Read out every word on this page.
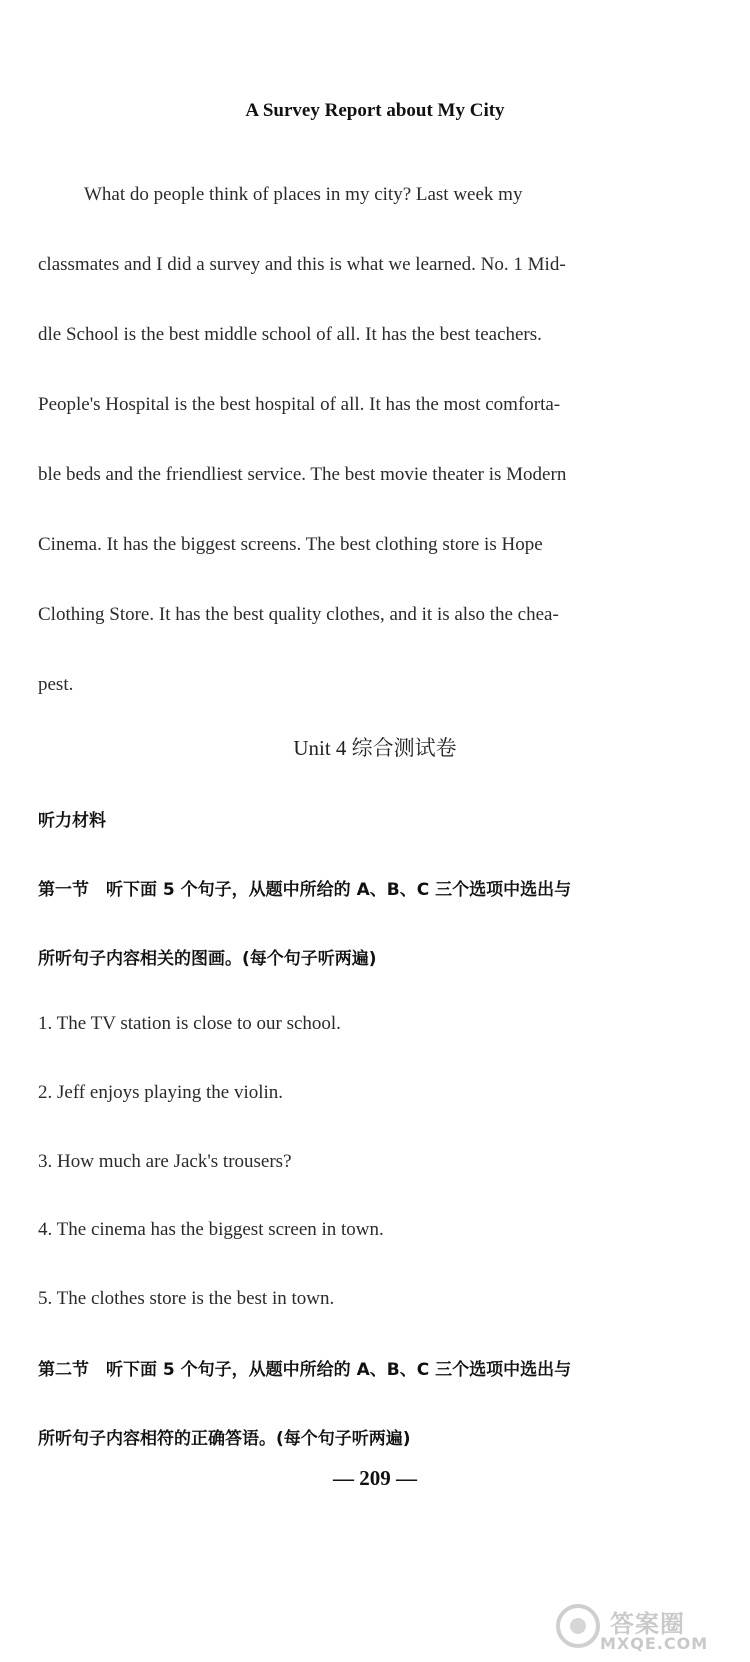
A Survey Report about My City
What do people think of places in my city? Last week my
classmates and I did a survey and this is what we learned. No. 1 Mid-
dle School is the best middle school of all. It has the best teachers.
People's Hospital is the best hospital of all. It has the most comforta-
ble beds and the friendliest service. The best movie theater is Modern
Cinema. It has the biggest screens. The best clothing store is Hope
Clothing Store. It has the best quality clothes, and it is also the chea-
pest.
Unit 4 综合测试卷
听力材料
第一节　听下面 5 个句子，从题中所给的 A、B、C 三个选项中选出与
所听句子内容相关的图画。(每个句子听两遍)
1. The TV station is close to our school.
2. Jeff enjoys playing the violin.
3. How much are Jack's trousers?
4. The cinema has the biggest screen in town.
5. The clothes store is the best in town.
第二节　听下面 5 个句子，从题中所给的 A、B、C 三个选项中选出与
所听句子内容相符的正确答语。(每个句子听两遍)
— 209 —
答案圈
MXQE.COM
